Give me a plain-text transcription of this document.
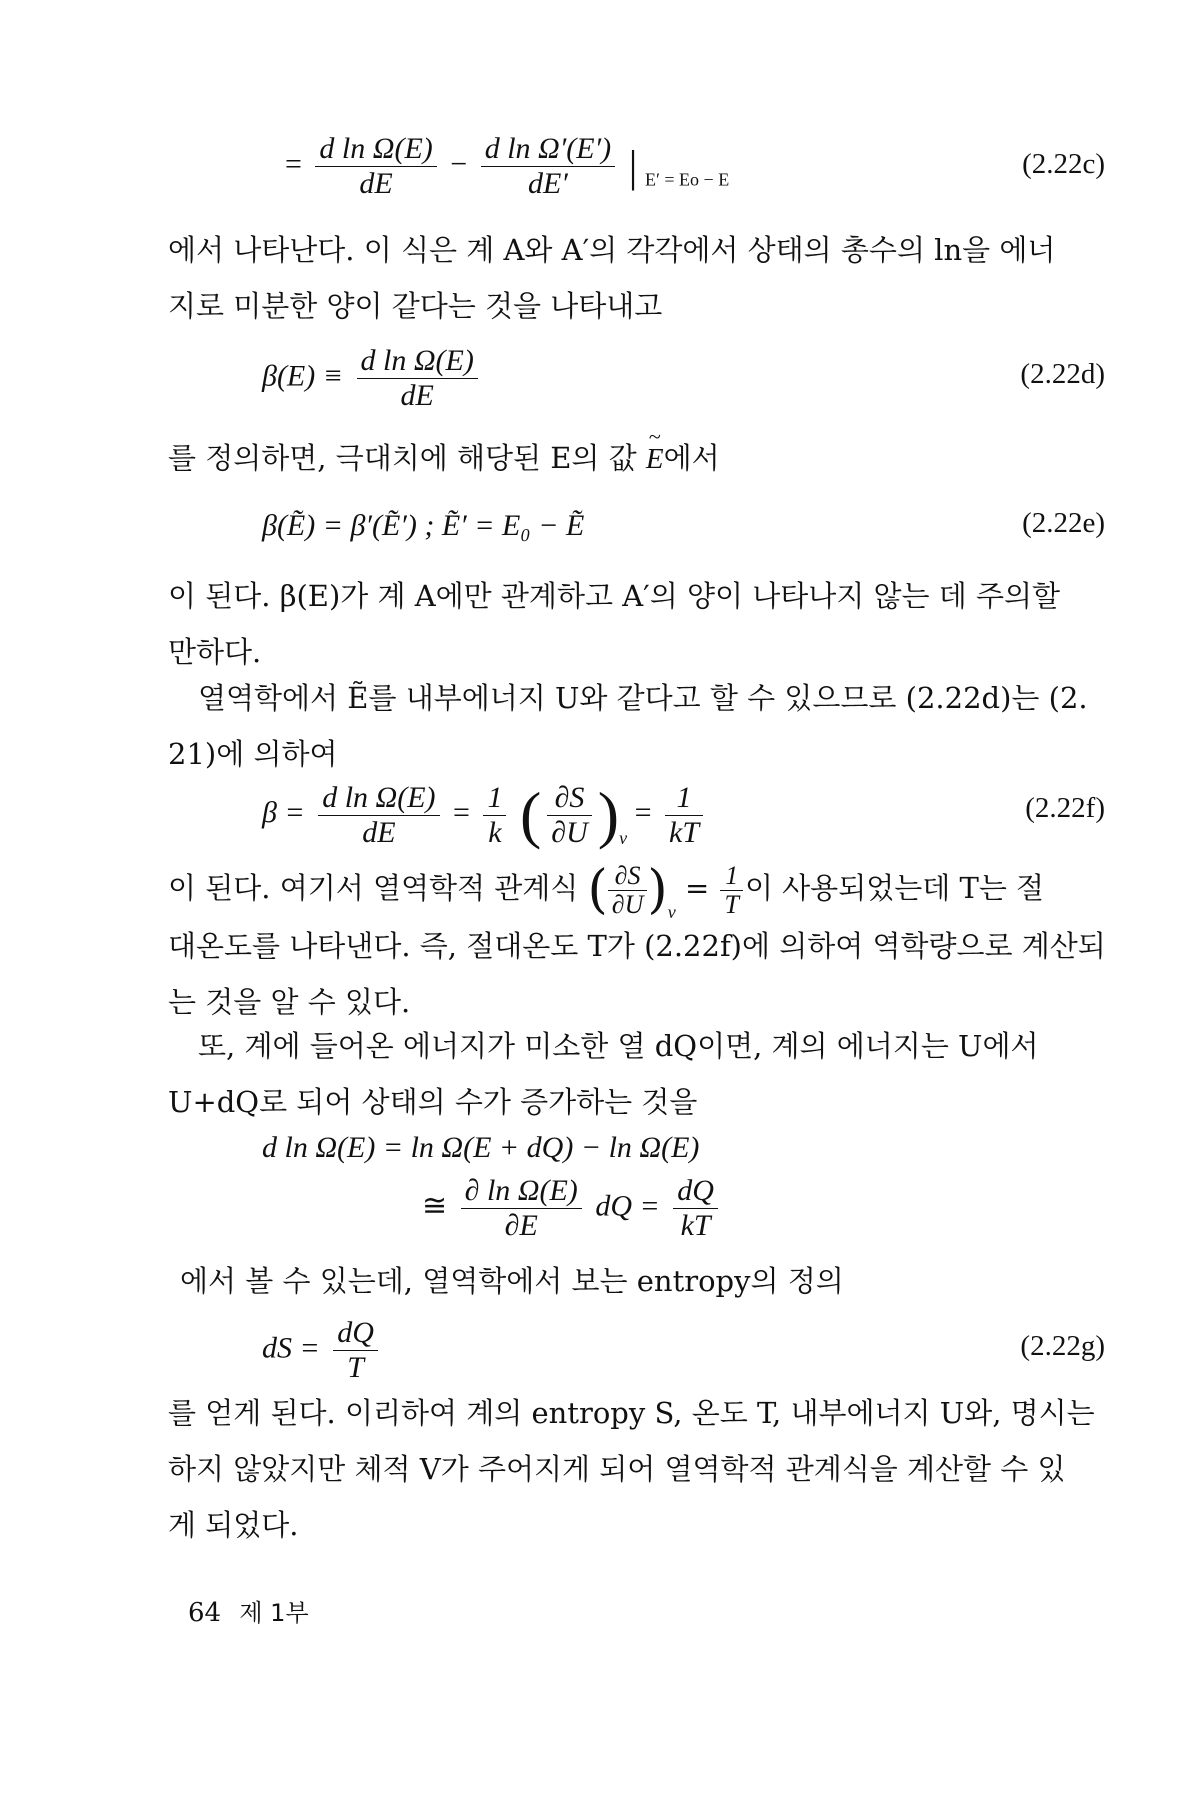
= $\frac{\text{d ln Ω(E)}}{dE} - \frac{\text{d ln Ω′(E′)}}{dE'}$ | $_{E' = Eo - E}$	(2.22c)
에서 나타난다. 이 식은 계 A와 A′의 각각에서 상태의 총수의 ln을 에너
지로 미분한 양이 같다는 것을 나타내고
$\beta(E) \equiv \frac{\text{d ln Ω(E)}}{dE}$	(2.22d)
를 정의하면, 극대치에 해당된 E의 값 ~ E에서
β(Ẽ) = β′(Ẽ′) ; Ẽ′ = E₀ − Ẽ	(2.22e)
이 된다. β(E)가 계 A에만 관계하고 A′의 양이 나타나지 않는 데 주의할
만하다.
열역학에서 Ẽ를 내부에너지 U와 같다고 할 수 있으므로 (2.22d)는 (2.
21)에 의하여
$\beta = \frac{\text{d ln Ω(E)}}{dE} = \frac{1}{k}$ ( $\frac{\partial S}{\partial U} )_v = \frac{1}{kT}$	(2.22f)
이 된다. 여기서 열역학적 관계식 ( $\frac{\partial S}{\partial U} )_v = \frac{1}{T}$ 이 사용되었는데 T는 절
대온도를 나타낸다. 즉, 절대온도 T가 (2.22f)에 의하여 역학량으로 계산되
는 것을 알 수 있다.
또, 계에 들어온 에너지가 미소한 열 dQ이면, 계의 에너지는 U에서
U+dQ로 되어 상태의 수가 증가하는 것을
d ln Ω(E) = ln Ω(E + dQ) − ln Ω(E)
≅ $\frac{\text{∂ ln Ω(E)}}{\partial E}$ dQ = $\frac{dQ}{kT}$
에서 볼 수 있는데, 열역학에서 보는 entropy의 정의
dS = $\frac{dQ}{T}$	(2.22g)
를 얻게 된다. 이리하여 계의 entropy S, 온도 T, 내부에너지 U와, 명시는
하지 않았지만 체적 V가 주어지게 되어 열역학적 관계식을 계산할 수 있
게 되었다.
64 제 1부
